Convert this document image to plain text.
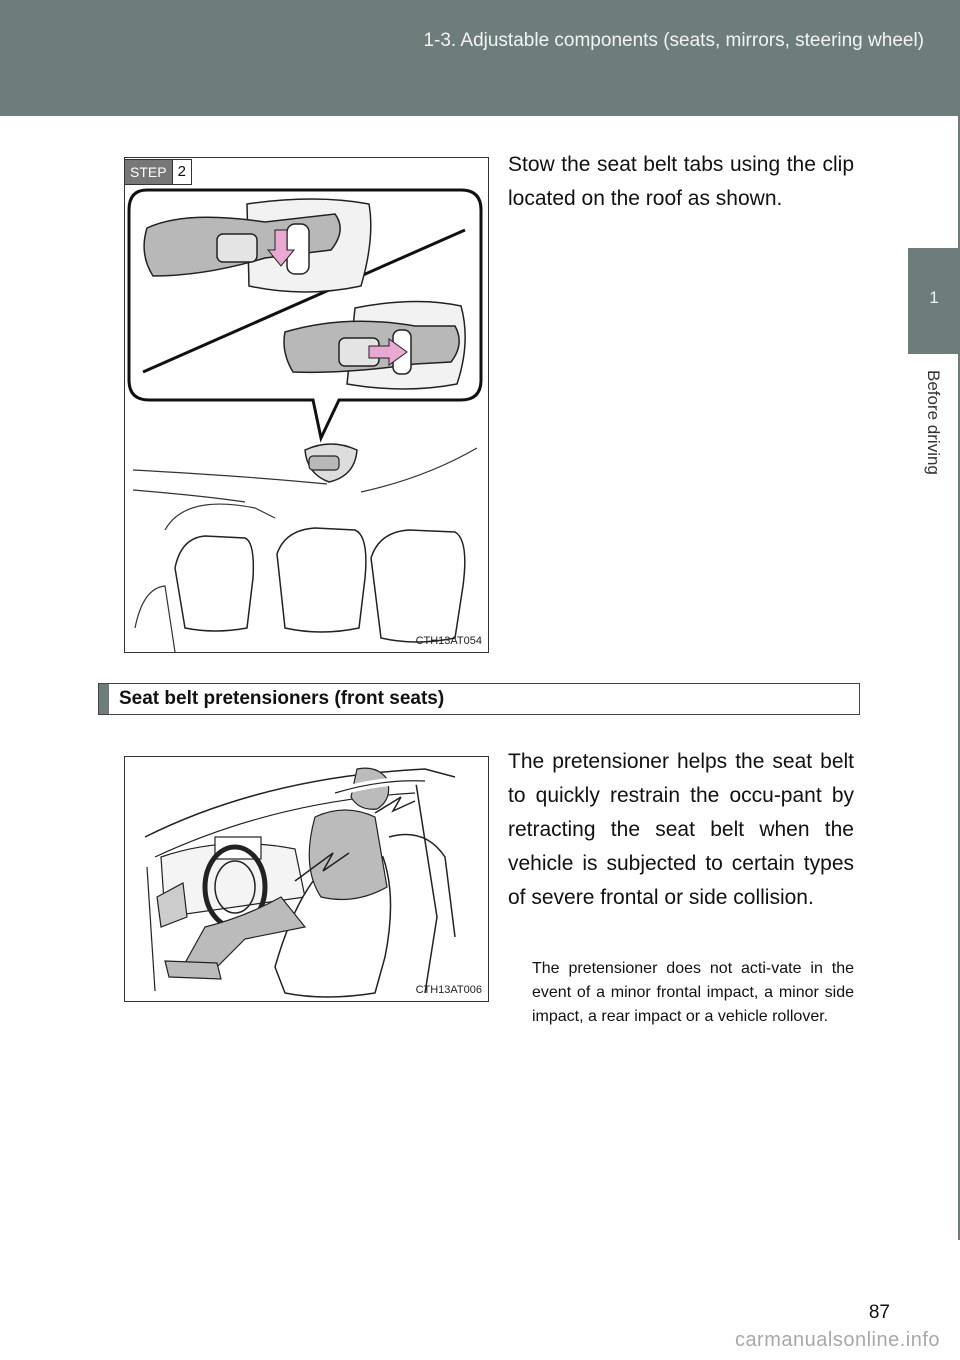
1-3. Adjustable components (seats, mirrors, steering wheel)
1
Before driving
STEP 2
CTH13AT054
Stow the seat belt tabs using the clip located on the roof as shown.
Seat belt pretensioners (front seats)
CTH13AT006
The pretensioner helps the seat belt to quickly restrain the occu-pant by retracting the seat belt when the vehicle is subjected to certain types of severe frontal or side collision.
The pretensioner does not acti-vate in the event of a minor frontal impact, a minor side impact, a rear impact or a vehicle rollover.
87
carmanualsonline.info
